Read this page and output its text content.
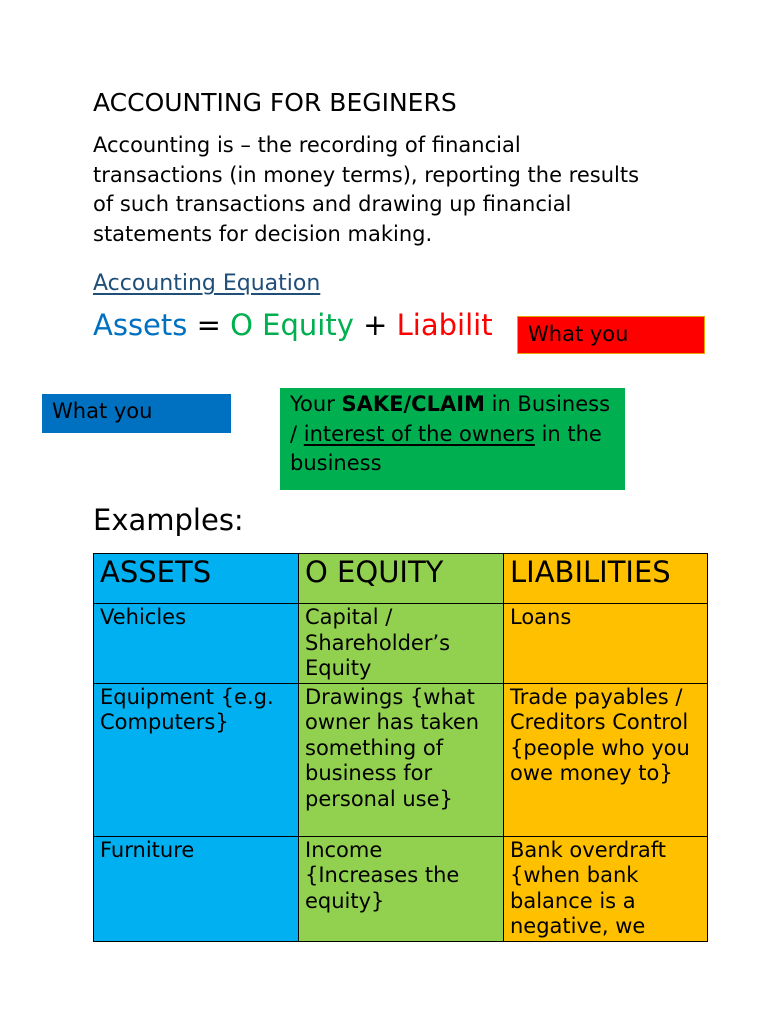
ACCOUNTING FOR BEGINERS
Accounting is – the recording of financial transactions (in money terms), reporting the results of such transactions and drawing up financial statements for decision making.
Accounting Equation
Assets = O Equity + Liabilit	What you
What you	Your SAKE/CLAIM in Business / interest of the owners in the business
Examples:
ASSETS	O EQUITY	LIABILITIES
Vehicles	Capital / Shareholder’s Equity	Loans
Equipment {e.g. Computers}	Drawings {what owner has taken something of business for personal use}	Trade payables / Creditors Control {people who you owe money to}
Furniture	Income {Increases the equity}	Bank overdraft {when bank balance is a negative, we
